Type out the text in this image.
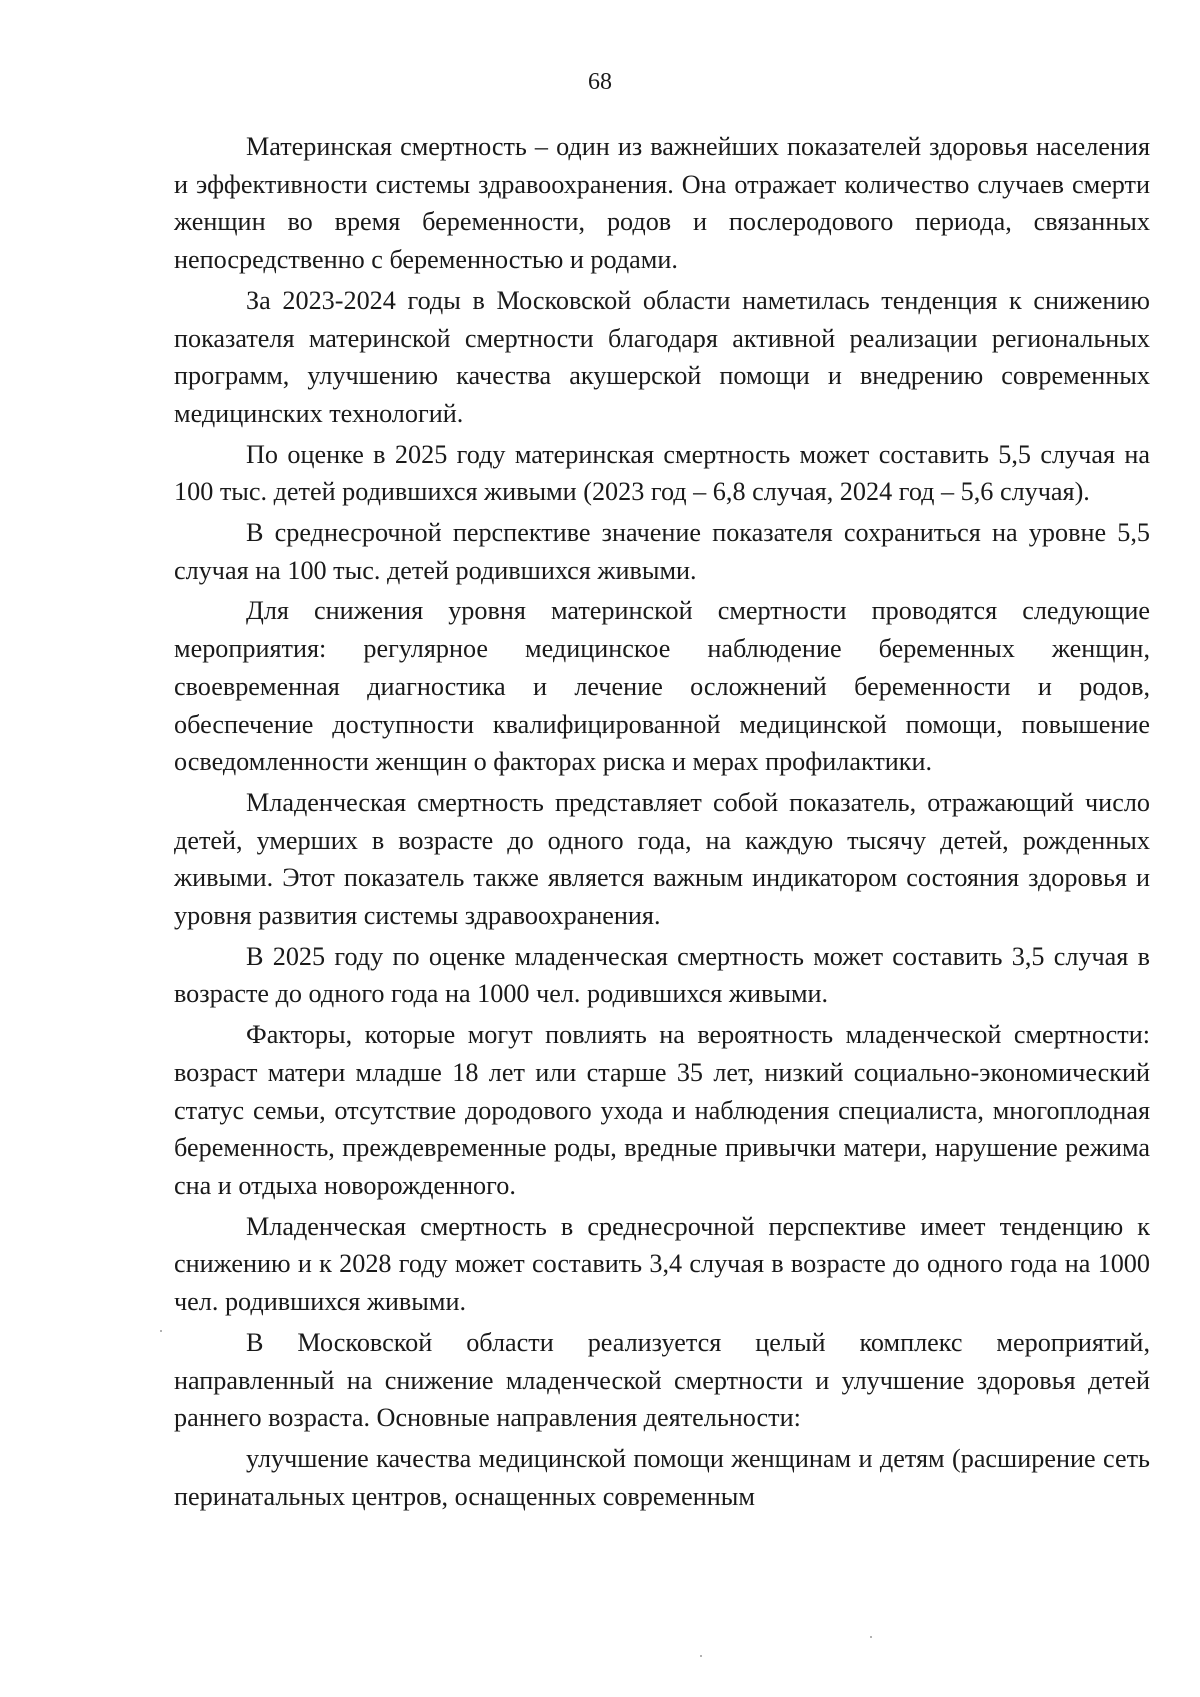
68

Материнская смертность – один из важнейших показателей здоровья населения и эффективности системы здравоохранения. Она отражает количество случаев смерти женщин во время беременности, родов и послеродового периода, связанных непосредственно с беременностью и родами.

За 2023-2024 годы в Московской области наметилась тенденция к снижению показателя материнской смертности благодаря активной реализации региональных программ, улучшению качества акушерской помощи и внедрению современных медицинских технологий.

По оценке в 2025 году материнская смертность может составить 5,5 случая на 100 тыс. детей родившихся живыми (2023 год – 6,8 случая, 2024 год – 5,6 случая).

В среднесрочной перспективе значение показателя сохраниться на уровне 5,5 случая на 100 тыс. детей родившихся живыми.

Для снижения уровня материнской смертности проводятся следующие мероприятия: регулярное медицинское наблюдение беременных женщин, своевременная диагностика и лечение осложнений беременности и родов, обеспечение доступности квалифицированной медицинской помощи, повышение осведомленности женщин о факторах риска и мерах профилактики.

Младенческая смертность представляет собой показатель, отражающий число детей, умерших в возрасте до одного года, на каждую тысячу детей, рожденных живыми. Этот показатель также является важным индикатором состояния здоровья и уровня развития системы здравоохранения.

В 2025 году по оценке младенческая смертность может составить 3,5 случая в возрасте до одного года на 1000 чел. родившихся живыми.

Факторы, которые могут повлиять на вероятность младенческой смертности: возраст матери младше 18 лет или старше 35 лет, низкий социально-экономический статус семьи, отсутствие дородового ухода и наблюдения специалиста, многоплодная беременность, преждевременные роды, вредные привычки матери, нарушение режима сна и отдыха новорожденного.

Младенческая смертность в среднесрочной перспективе имеет тенденцию к снижению и к 2028 году может составить 3,4 случая в возрасте до одного года на 1000 чел. родившихся живыми.

В Московской области реализуется целый комплекс мероприятий, направленный на снижение младенческой смертности и улучшение здоровья детей раннего возраста. Основные направления деятельности:

улучшение качества медицинской помощи женщинам и детям (расширение сеть перинатальных центров, оснащенных современным
